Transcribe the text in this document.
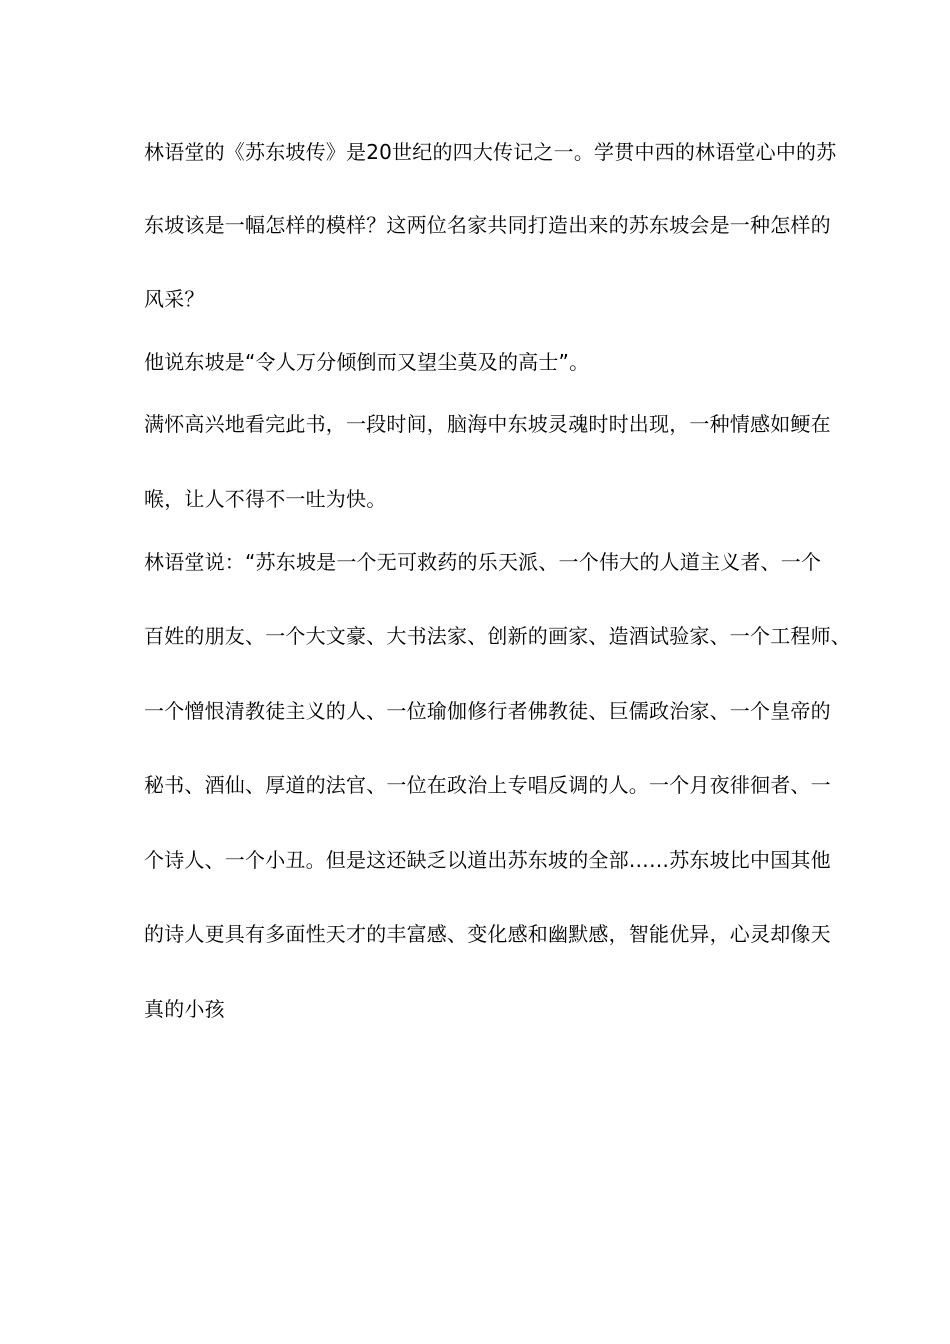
林语堂的《苏东坡传》是20世纪的四大传记之一。学贯中西的林语堂心中的苏
东坡该是一幅怎样的模样？这两位名家共同打造出来的苏东坡会是一种怎样的
风采？
他说东坡是“令人万分倾倒而又望尘莫及的高士”。
满怀高兴地看完此书，一段时间，脑海中东坡灵魂时时出现，一种情感如鲠在
喉，让人不得不一吐为快。
林语堂说：“苏东坡是一个无可救药的乐天派、一个伟大的人道主义者、一个
百姓的朋友、一个大文豪、大书法家、创新的画家、造酒试验家、一个工程师、
一个憎恨清教徒主义的人、一位瑜伽修行者佛教徒、巨儒政治家、一个皇帝的
秘书、酒仙、厚道的法官、一位在政治上专唱反调的人。一个月夜徘徊者、一
个诗人、一个小丑。但是这还缺乏以道出苏东坡的全部……苏东坡比中国其他
的诗人更具有多面性天才的丰富感、变化感和幽默感，智能优异，心灵却像天
真的小孩
